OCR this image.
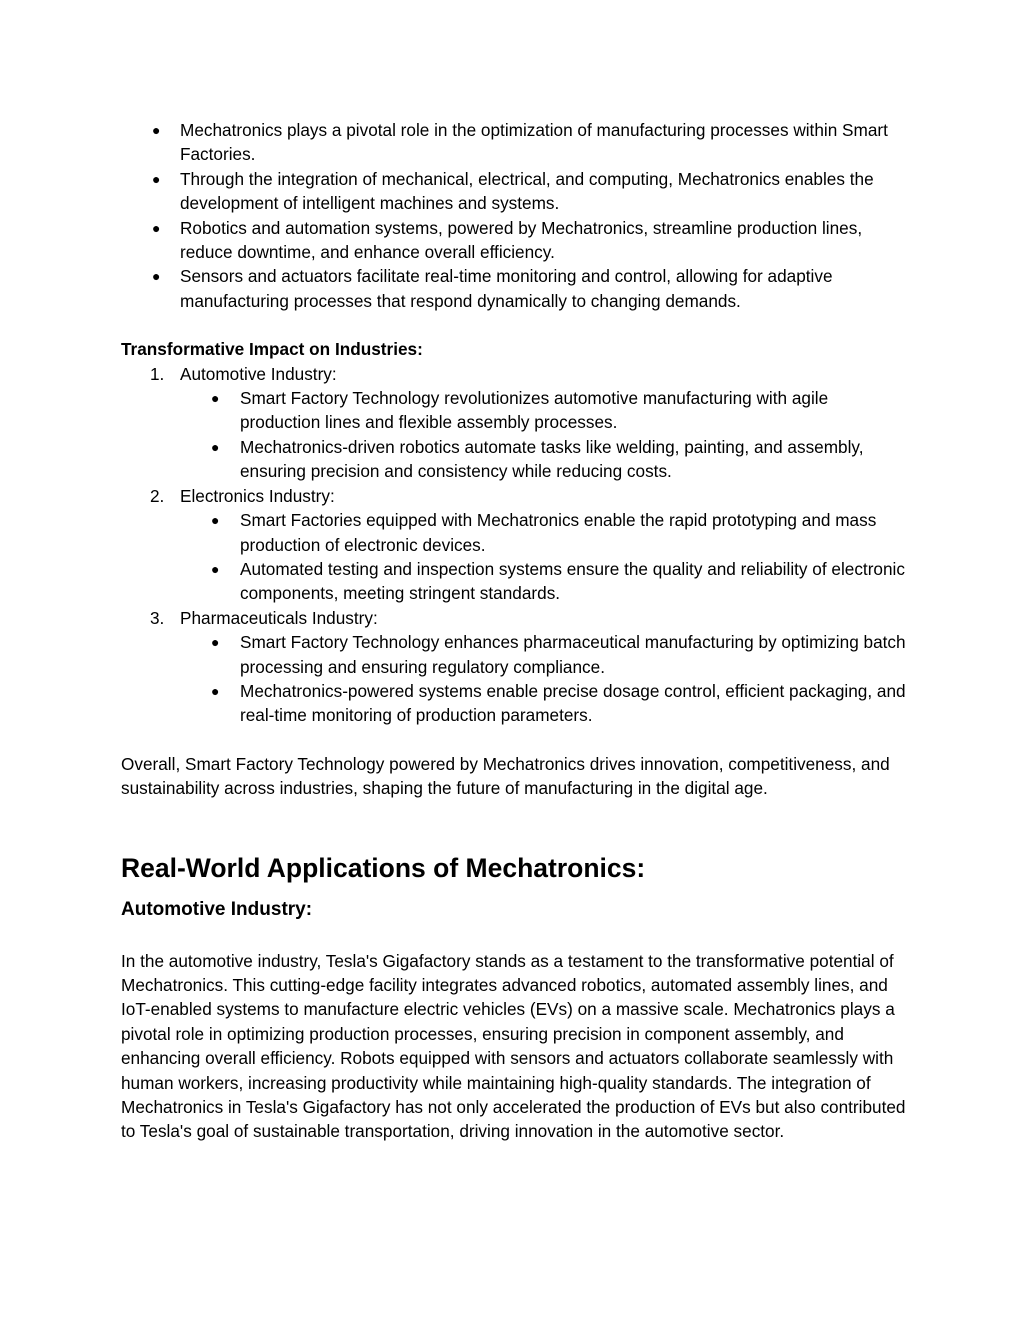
● Mechatronics plays a pivotal role in the optimization of manufacturing processes within Smart Factories.
● Through the integration of mechanical, electrical, and computing, Mechatronics enables the development of intelligent machines and systems.
● Robotics and automation systems, powered by Mechatronics, streamline production lines, reduce downtime, and enhance overall efficiency.
● Sensors and actuators facilitate real-time monitoring and control, allowing for adaptive manufacturing processes that respond dynamically to changing demands.
Transformative Impact on Industries:
1. Automotive Industry:
● Smart Factory Technology revolutionizes automotive manufacturing with agile production lines and flexible assembly processes.
● Mechatronics-driven robotics automate tasks like welding, painting, and assembly, ensuring precision and consistency while reducing costs.
2. Electronics Industry:
● Smart Factories equipped with Mechatronics enable the rapid prototyping and mass production of electronic devices.
● Automated testing and inspection systems ensure the quality and reliability of electronic components, meeting stringent standards.
3. Pharmaceuticals Industry:
● Smart Factory Technology enhances pharmaceutical manufacturing by optimizing batch processing and ensuring regulatory compliance.
● Mechatronics-powered systems enable precise dosage control, efficient packaging, and real-time monitoring of production parameters.
Overall, Smart Factory Technology powered by Mechatronics drives innovation, competitiveness, and sustainability across industries, shaping the future of manufacturing in the digital age.
Real-World Applications of Mechatronics:
Automotive Industry:
In the automotive industry, Tesla's Gigafactory stands as a testament to the transformative potential of Mechatronics. This cutting-edge facility integrates advanced robotics, automated assembly lines, and IoT-enabled systems to manufacture electric vehicles (EVs) on a massive scale. Mechatronics plays a pivotal role in optimizing production processes, ensuring precision in component assembly, and enhancing overall efficiency. Robots equipped with sensors and actuators collaborate seamlessly with human workers, increasing productivity while maintaining high-quality standards. The integration of Mechatronics in Tesla's Gigafactory has not only accelerated the production of EVs but also contributed to Tesla's goal of sustainable transportation, driving innovation in the automotive sector.
